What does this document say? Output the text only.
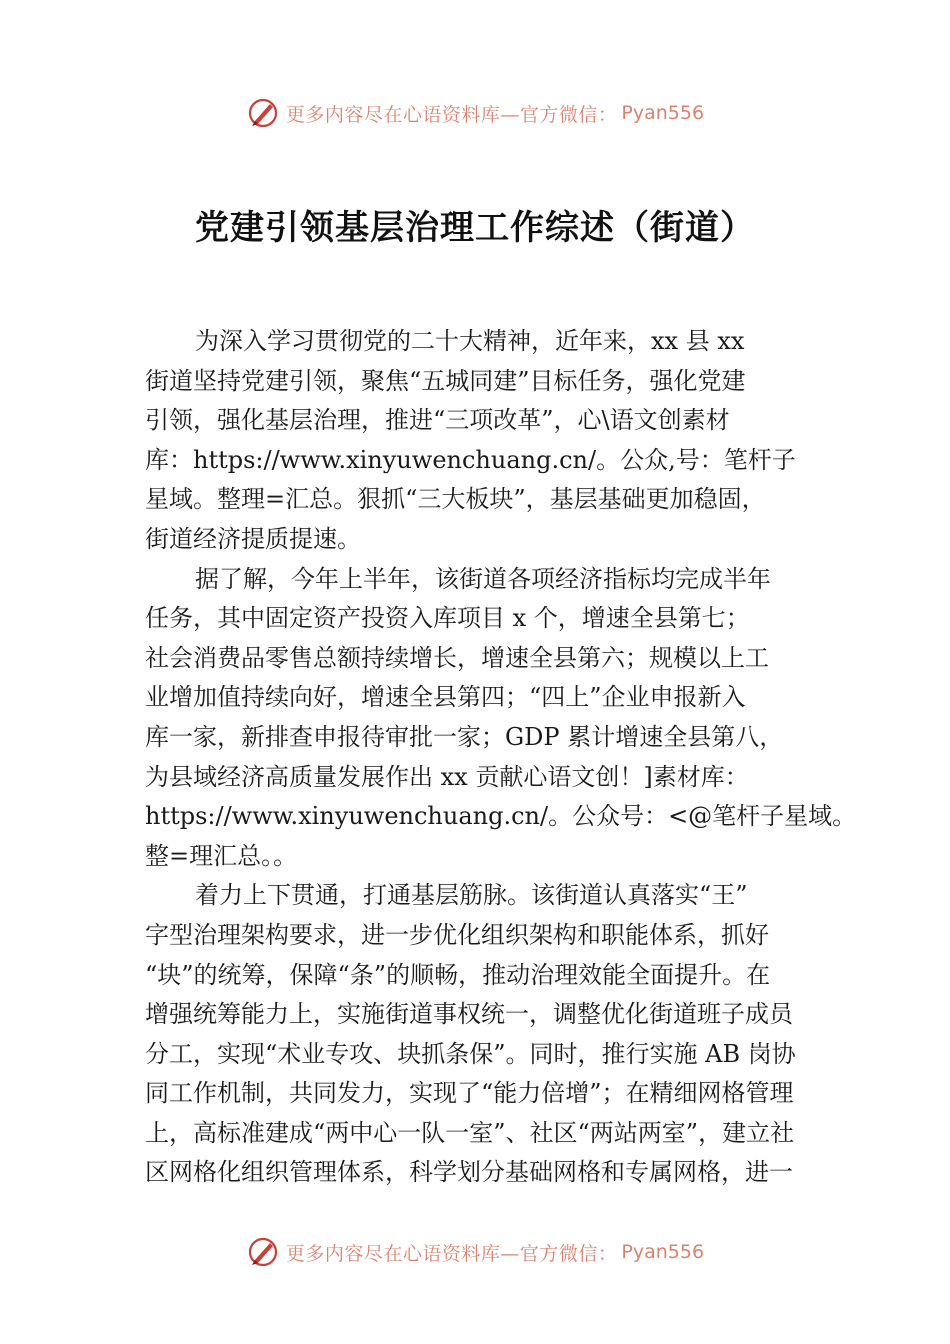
更多内容尽在心语资料库—官方微信： Pyan556
党建引领基层治理工作综述（街道）
为深入学习贯彻党的二十大精神，近年来，xx 县 xx
街道坚持党建引领，聚焦“五城同建”目标任务，强化党建
引领，强化基层治理，推进“三项改革”，心\语文创素材
库：https://www.xinyuwenchuang.cn/。公众,号：笔杆子
星域。整理=汇总。狠抓“三大板块”，基层基础更加稳固，
街道经济提质提速。
据了解，今年上半年，该街道各项经济指标均完成半年
任务，其中固定资产投资入库项目 x 个，增速全县第七；
社会消费品零售总额持续增长，增速全县第六；规模以上工
业增加值持续向好，增速全县第四；“四上”企业申报新入
库一家，新排查申报待审批一家；GDP 累计增速全县第八，
为县域经济高质量发展作出 xx 贡献心语文创！]素材库：
https://www.xinyuwenchuang.cn/。公众号：<@笔杆子星域。
整=理汇总。。
着力上下贯通，打通基层筋脉。该街道认真落实“王”
字型治理架构要求，进一步优化组织架构和职能体系，抓好
“块”的统筹，保障“条”的顺畅，推动治理效能全面提升。在
增强统筹能力上，实施街道事权统一，调整优化街道班子成员
分工，实现“术业专攻、块抓条保”。同时，推行实施 AB 岗协
同工作机制，共同发力，实现了“能力倍增”；在精细网格管理
上，高标准建成“两中心一队一室”、社区“两站两室”，建立社
区网格化组织管理体系，科学划分基础网格和专属网格，进一
更多内容尽在心语资料库—官方微信： Pyan556
